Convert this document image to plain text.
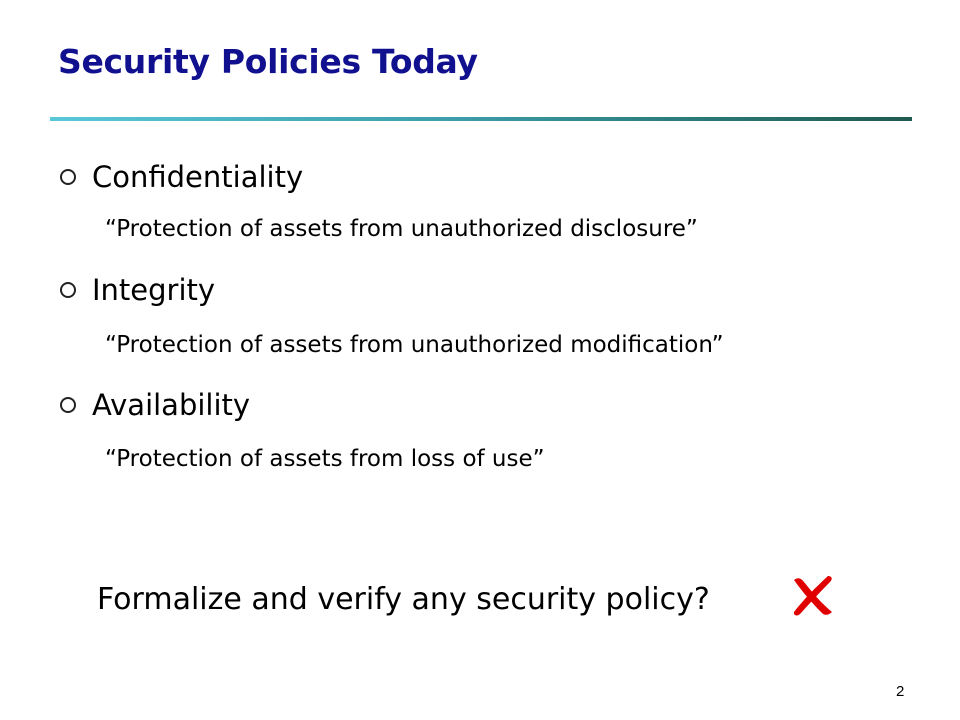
Security Policies Today
Confidentiality
“Protection of assets from unauthorized disclosure”
Integrity
“Protection of assets from unauthorized modification”
Availability
“Protection of assets from loss of use”
Formalize and verify any security policy?
2
